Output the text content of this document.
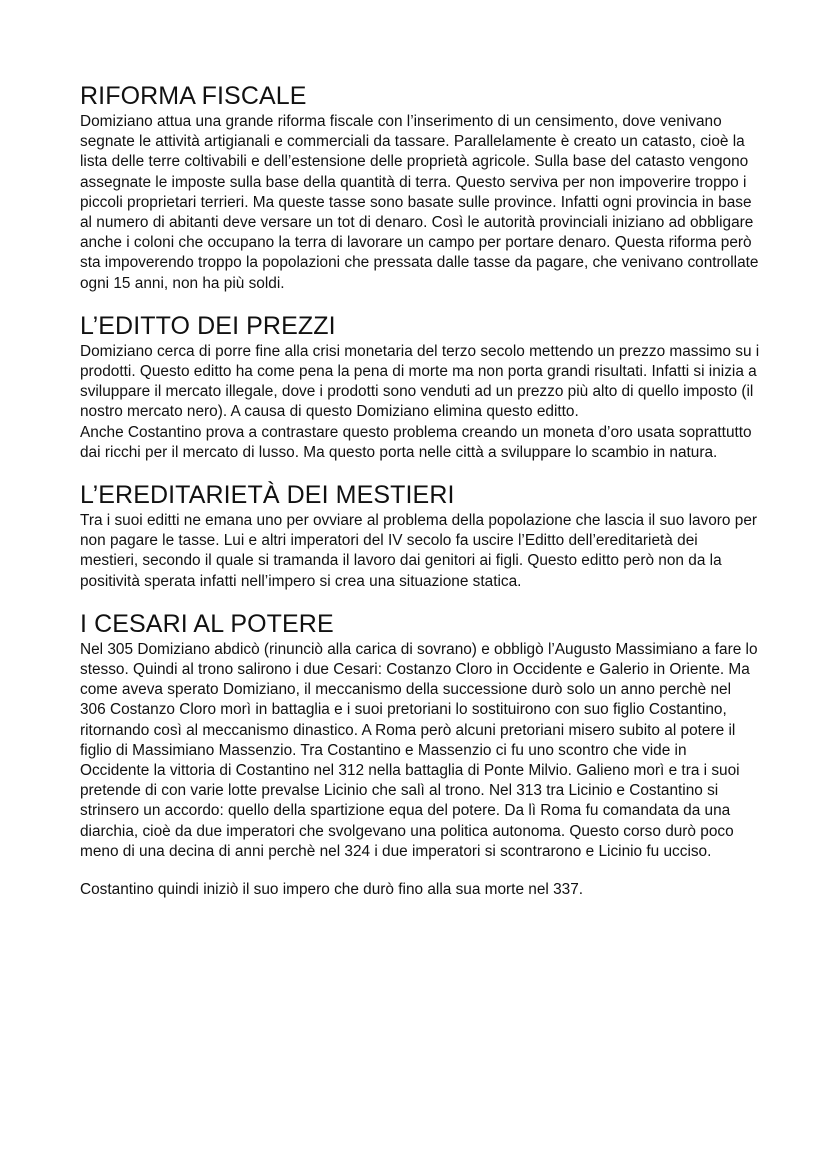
RIFORMA FISCALE

Domiziano attua una grande riforma fiscale con l’inserimento di un censimento, dove venivano segnate le attività artigianali e commerciali da tassare. Parallelamente è creato un catasto, cioè la lista delle terre coltivabili e dell’estensione delle proprietà agricole. Sulla base del catasto vengono assegnate le imposte sulla base della quantità di terra. Questo serviva per non impoverire troppo i piccoli proprietari terrieri. Ma queste tasse sono basate sulle province. Infatti ogni provincia in base al numero di abitanti deve versare un tot di denaro. Così le autorità provinciali iniziano ad obbligare anche i coloni che occupano la terra di lavorare un campo per portare denaro. Questa riforma però sta impoverendo troppo la popolazioni che pressata dalle tasse da pagare, che venivano controllate ogni 15 anni, non ha più soldi.

L’EDITTO DEI PREZZI

Domiziano cerca di porre fine alla crisi monetaria del terzo secolo mettendo un prezzo massimo su i prodotti. Questo editto ha come pena la pena di morte ma non porta grandi risultati. Infatti si inizia a sviluppare il mercato illegale, dove i prodotti sono venduti ad un prezzo più alto di quello imposto (il nostro mercato nero). A causa di questo Domiziano elimina questo editto.

Anche Costantino prova a contrastare questo problema creando un moneta d’oro usata soprattutto dai ricchi per il mercato di lusso. Ma questo porta nelle città a sviluppare lo scambio in natura.

L’EREDITARIETÀ DEI MESTIERI

Tra i suoi editti ne emana uno per ovviare al problema della popolazione che lascia il suo lavoro per non pagare le tasse. Lui e altri imperatori del IV secolo fa uscire l’Editto dell’ereditarietà dei mestieri, secondo il quale si tramanda il lavoro dai genitori ai figli. Questo editto però non da la positività sperata infatti nell’impero si crea una situazione statica.

I CESARI AL POTERE

Nel 305 Domiziano abdicò (rinunciò alla carica di sovrano) e obbligò l’Augusto Massimiano a fare lo stesso. Quindi al trono salirono i due Cesari: Costanzo Cloro in Occidente e Galerio in Oriente. Ma come aveva sperato Domiziano, il meccanismo della successione durò solo un anno perchè nel 306 Costanzo Cloro morì in battaglia e i suoi pretoriani lo sostituirono con suo figlio Costantino, ritornando così al meccanismo dinastico. A Roma però alcuni pretoriani misero subito al potere il figlio di Massimiano Massenzio. Tra Costantino e Massenzio ci fu uno scontro che vide in Occidente la vittoria di Costantino nel 312 nella battaglia di Ponte Milvio. Galieno morì e tra i suoi pretende di con varie lotte prevalse Licinio che salì al trono. Nel 313 tra Licinio e Costantino si strinsero un accordo: quello della spartizione equa del potere. Da lì Roma fu comandata da una diarchia, cioè da due imperatori che svolgevano una politica autonoma. Questo corso durò poco meno di una decina di anni perchè nel 324 i due imperatori si scontrarono e Licinio fu ucciso.

Costantino quindi iniziò il suo impero che durò fino alla sua morte nel 337.
